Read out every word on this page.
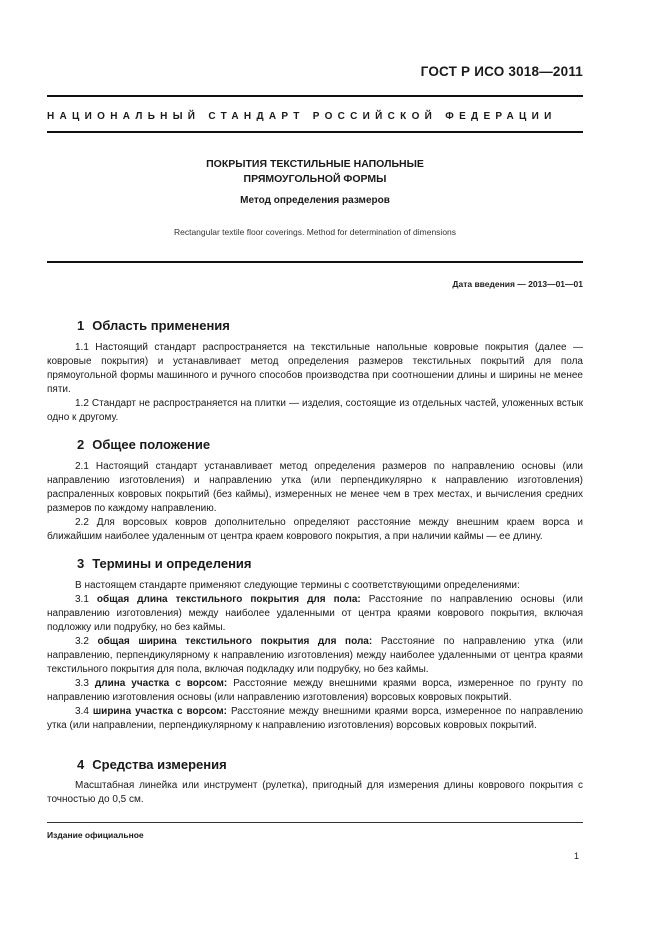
ГОСТ Р ИСО 3018—2011
НАЦИОНАЛЬНЫЙ СТАНДАРТ РОССИЙСКОЙ ФЕДЕРАЦИИ
ПОКРЫТИЯ ТЕКСТИЛЬНЫЕ НАПОЛЬНЫЕ
ПРЯМОУГОЛЬНОЙ ФОРМЫ
Метод определения размеров
Rectangular textile floor coverings. Method for determination of dimensions
Дата введения — 2013—01—01
1 Область применения

1.1 Настоящий стандарт распространяется на текстильные напольные ковровые покрытия (далее — ковровые покрытия) и устанавливает метод определения размеров текстильных покрытий для пола прямоугольной формы машинного и ручного способов производства при соотношении длины и ширины не менее пяти.

1.2 Стандарт не распространяется на плитки — изделия, состоящие из отдельных частей, уложенных встык одно к другому.

2 Общее положение

2.1 Настоящий стандарт устанавливает метод определения размеров по направлению основы (или направлению изготовления) и направлению утка (или перпендикулярно к направлению изготовления) распраленных ковровых покрытий (без каймы), измеренных не менее чем в трех местах, и вычисления средних размеров по каждому направлению.

2.2 Для ворсовых ковров дополнительно определяют расстояние между внешним краем ворса и ближайшим наиболее удаленным от центра краем коврового покрытия, а при наличии каймы — ее длину.

3 Термины и определения

В настоящем стандарте применяют следующие термины с соответствующими определениями:

3.1 общая длина текстильного покрытия для пола: Расстояние по направлению основы (или направлению изготовления) между наиболее удаленными от центра краями коврового покрытия, включая подложку или подрубку, но без каймы.

3.2 общая ширина текстильного покрытия для пола: Расстояние по направлению утка (или направлению, перпендикулярному к направлению изготовления) между наиболее удаленными от центра краями текстильного покрытия для пола, включая подкладку или подрубку, но без каймы.

3.3 длина участка с ворсом: Расстояние между внешними краями ворса, измеренное по грунту по направлению изготовления основы (или направлению изготовления) ворсовых ковровых покрытий.

3.4 ширина участка с ворсом: Расстояние между внешними краями ворса, измеренное по направлению утка (или направлении, перпендикулярному к направлению изготовления) ворсовых ковровых покрытий.

4 Средства измерения

Масштабная линейка или инструмент (рулетка), пригодный для измерения длины коврового покрытия с точностью до 0,5 см.

Издание официальное
1
